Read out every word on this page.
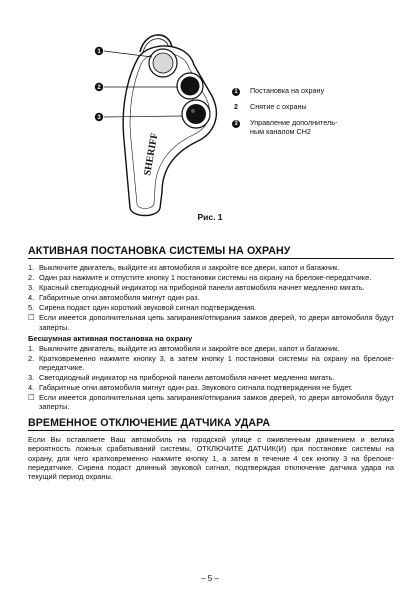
SHERIFF
1
2
3
1	Постановка на охрану
2	Снятие с охраны
3	Управление дополнитель-
ным каналом CH2
Рис. 1
АКТИВНАЯ ПОСТАНОВКА СИСТЕМЫ НА ОХРАНУ
1. Выключите двигатель, выйдите из автомобиля и закройте все двери, капот и багажник.
2. Один раз нажмите и отпустите кнопку 1 постановки системы на охрану на брелоке-передатчике.
3. Красный светодиодный индикатор на приборной панели автомобиля начнет медленно мигать.
4. Габаритные огни автомобиля мигнут один раз.
5. Сирена подаст один короткий звуковой сигнал подтверждения.
☐ Если имеется дополнительная цепь запирания/отпирания замков дверей, то двери автомобиля будут заперты.
Бесшумная активная постановка на охрану
1. Выключите двигатель, выйдите из автомобиля и закройте все двери, капот и багажник.
2. Кратковременно нажмите кнопку 3, а затем кнопку 1 постановки системы на охрану на брелоке-передатчике.
3. Светодиодный индикатор на приборной панели автомобиля начнет медленно мигать.
4. Габаритные огни автомобиля мигнут один раз. Звукового сигнала подтверждения не будет.
☐ Если имеется дополнительная цепь запирания/отпирания замков дверей, то двери автомобиля будут заперты.
ВРЕМЕННОЕ ОТКЛЮЧЕНИЕ ДАТЧИКА УДАРА

Если Вы оставляете Ваш автомобиль на городской улице с оживленным движением и велика вероятность ложных срабатываний системы, ОТКЛЮЧИТЕ ДАТЧИК(И) при постановке системы на охрану, для чего кратковременно нажмите кнопку 1, а затем в течение 4 сек кнопку 3 на брелоке-передатчике. Сирена подаст длинный звуковой сигнал, подтверждая отключение датчика удара на текущий период охраны.

– 5 –
